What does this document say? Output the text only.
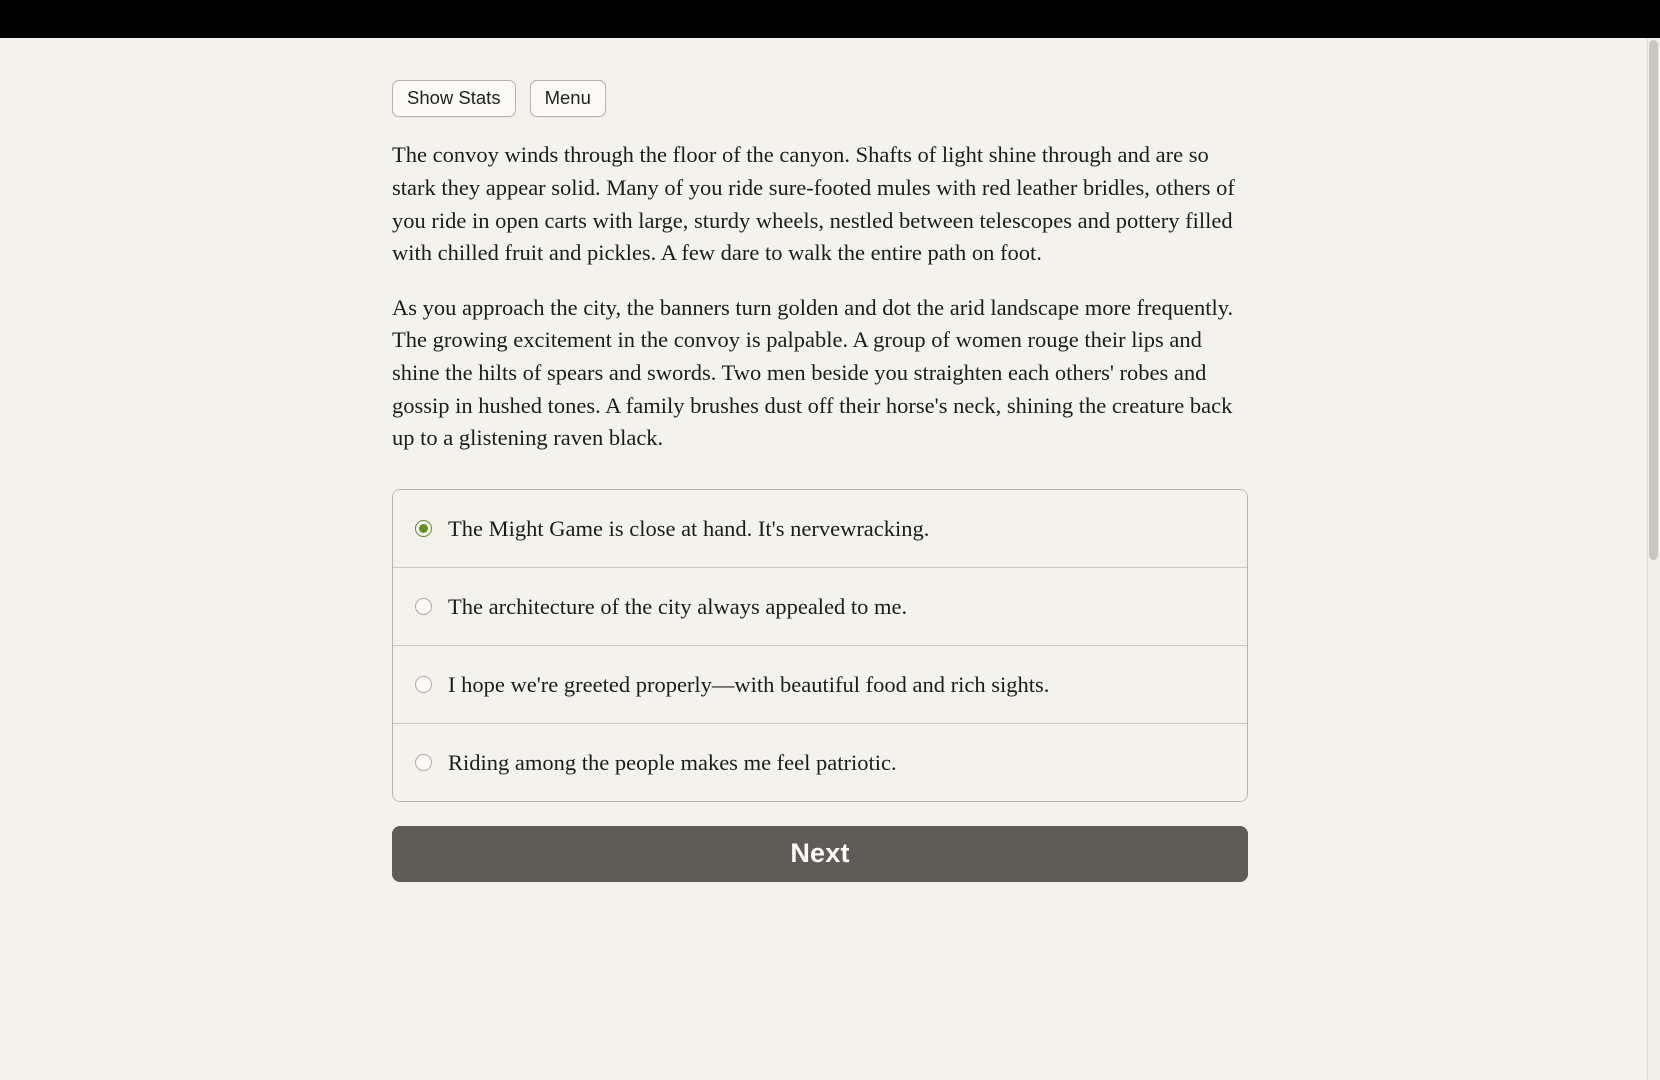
Show Stats	Menu

The convoy winds through the floor of the canyon. Shafts of light shine through and are so stark they appear solid. Many of you ride sure-footed mules with red leather bridles, others of you ride in open carts with large, sturdy wheels, nestled between telescopes and pottery filled with chilled fruit and pickles. A few dare to walk the entire path on foot.

As you approach the city, the banners turn golden and dot the arid landscape more frequently. The growing excitement in the convoy is palpable. A group of women rouge their lips and shine the hilts of spears and swords. Two men beside you straighten each others' robes and gossip in hushed tones. A family brushes dust off their horse's neck, shining the creature back up to a glistening raven black.

The Might Game is close at hand. It's nervewracking.
The architecture of the city always appealed to me.
I hope we're greeted properly—with beautiful food and rich sights.
Riding among the people makes me feel patriotic.
Next
